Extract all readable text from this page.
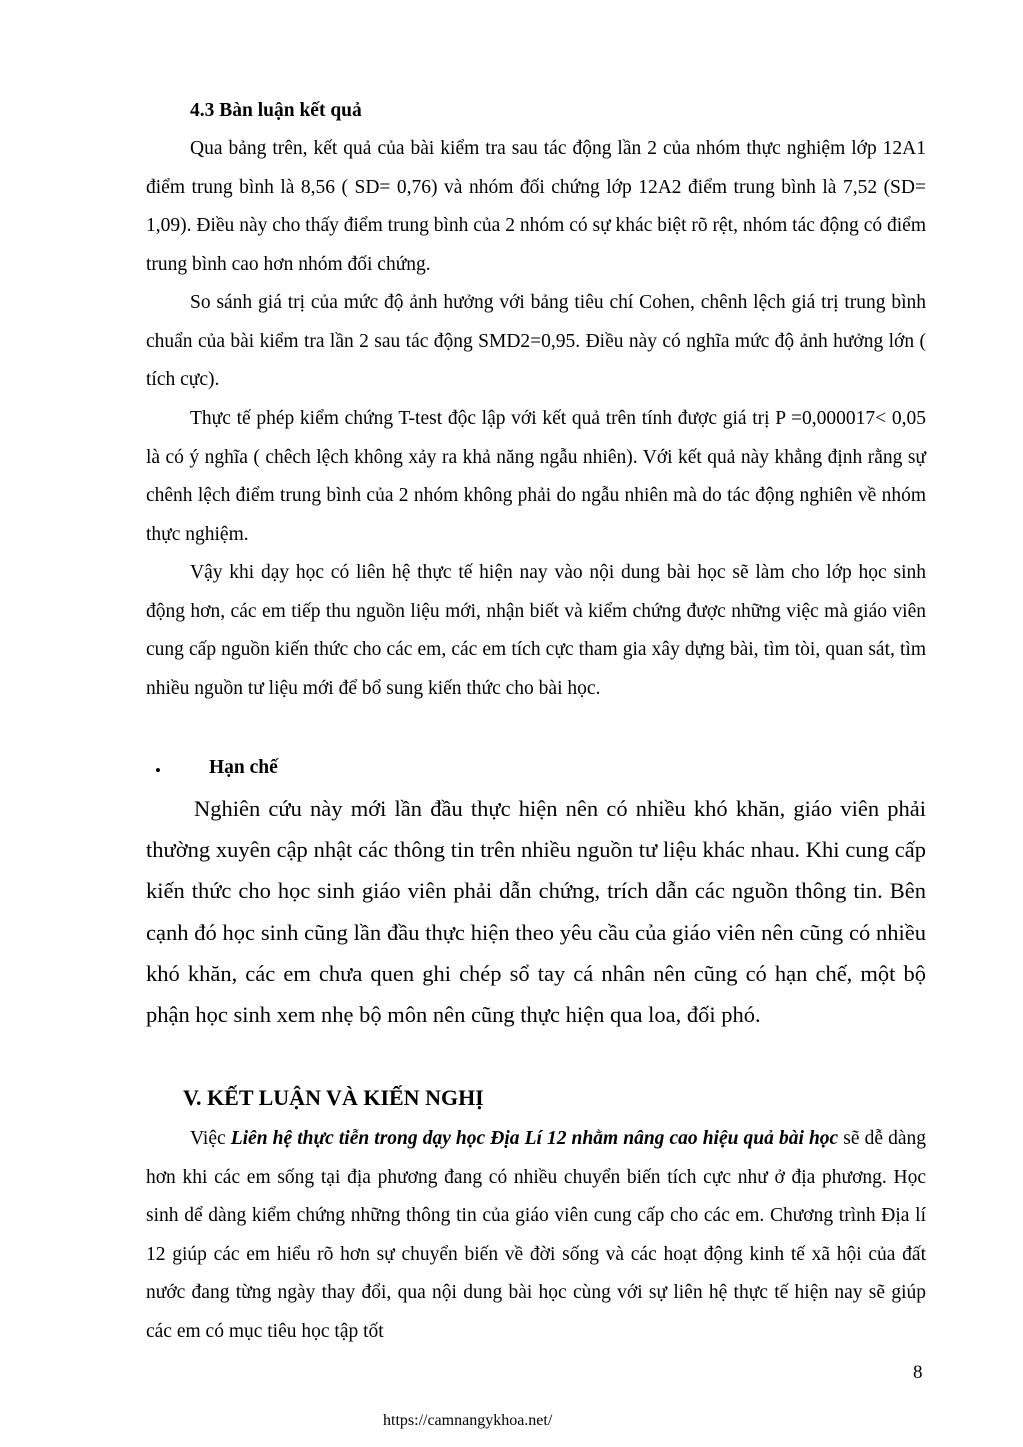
4.3 Bàn luận kết quả

Qua bảng trên, kết quả của bài kiểm tra sau tác động lần 2 của nhóm thực nghiệm lớp 12A1 điểm trung bình là 8,56 ( SD= 0,76) và nhóm đối chứng lớp 12A2 điểm trung bình là 7,52 (SD= 1,09). Điều này cho thấy điểm trung bình của 2 nhóm có sự khác biệt rõ rệt, nhóm tác động có điểm trung bình cao hơn nhóm đối chứng.

So sánh giá trị của mức độ ảnh hưởng với bảng tiêu chí Cohen, chênh lệch giá trị trung bình chuẩn của bài kiểm tra lần 2 sau tác động SMD2=0,95. Điều này có nghĩa mức độ ảnh hưởng lớn ( tích cực).

Thực tế phép kiểm chứng T-test độc lập với kết quả trên tính được giá trị P =0,000017< 0,05 là có ý nghĩa ( chêch lệch không xảy ra khả năng ngẫu nhiên). Với kết quả này khẳng định rằng sự chênh lệch điểm trung bình của 2 nhóm không phải do ngẫu nhiên mà do tác động nghiên về nhóm thực nghiệm.

Vậy khi dạy học có liên hệ thực tế hiện nay vào nội dung bài học sẽ làm cho lớp học sinh động hơn, các em tiếp thu nguồn liệu mới, nhận biết và kiểm chứng được những việc mà giáo viên cung cấp nguồn kiến thức cho các em, các em tích cực tham gia xây dựng bài, tìm tòi, quan sát, tìm nhiều nguồn tư liệu mới để bổ sung kiến thức cho bài học.

• Hạn chế

Nghiên cứu này mới lần đầu thực hiện nên có nhiều khó khăn, giáo viên phải thường xuyên cập nhật các thông tin trên nhiều nguồn tư liệu khác nhau. Khi cung cấp kiến thức cho học sinh giáo viên phải dẫn chứng, trích dẫn các nguồn thông tin. Bên cạnh đó học sinh cũng lần đầu thực hiện theo yêu cầu của giáo viên nên cũng có nhiều khó khăn, các em chưa quen ghi chép sổ tay cá nhân nên cũng có hạn chế, một bộ phận học sinh xem nhẹ bộ môn nên cũng thực hiện qua loa, đối phó.

V. KẾT LUẬN VÀ KIẾN NGHỊ

Việc Liên hệ thực tiễn trong dạy học Địa Lí 12 nhằm nâng cao hiệu quả bài học sẽ dễ dàng hơn khi các em sống tại địa phương đang có nhiều chuyển biến tích cực như ở địa phương. Học sinh dể dàng kiểm chứng những thông tin của giáo viên cung cấp cho các em. Chương trình Địa lí 12 giúp các em hiểu rõ hơn sự chuyển biến về đời sống và các hoạt động kinh tế xã hội của đất nước đang từng ngày thay đổi, qua nội dung bài học cùng với sự liên hệ thực tế hiện nay sẽ giúp các em có mục tiêu học tập tốt

8
https://camnangykhoa.net/
